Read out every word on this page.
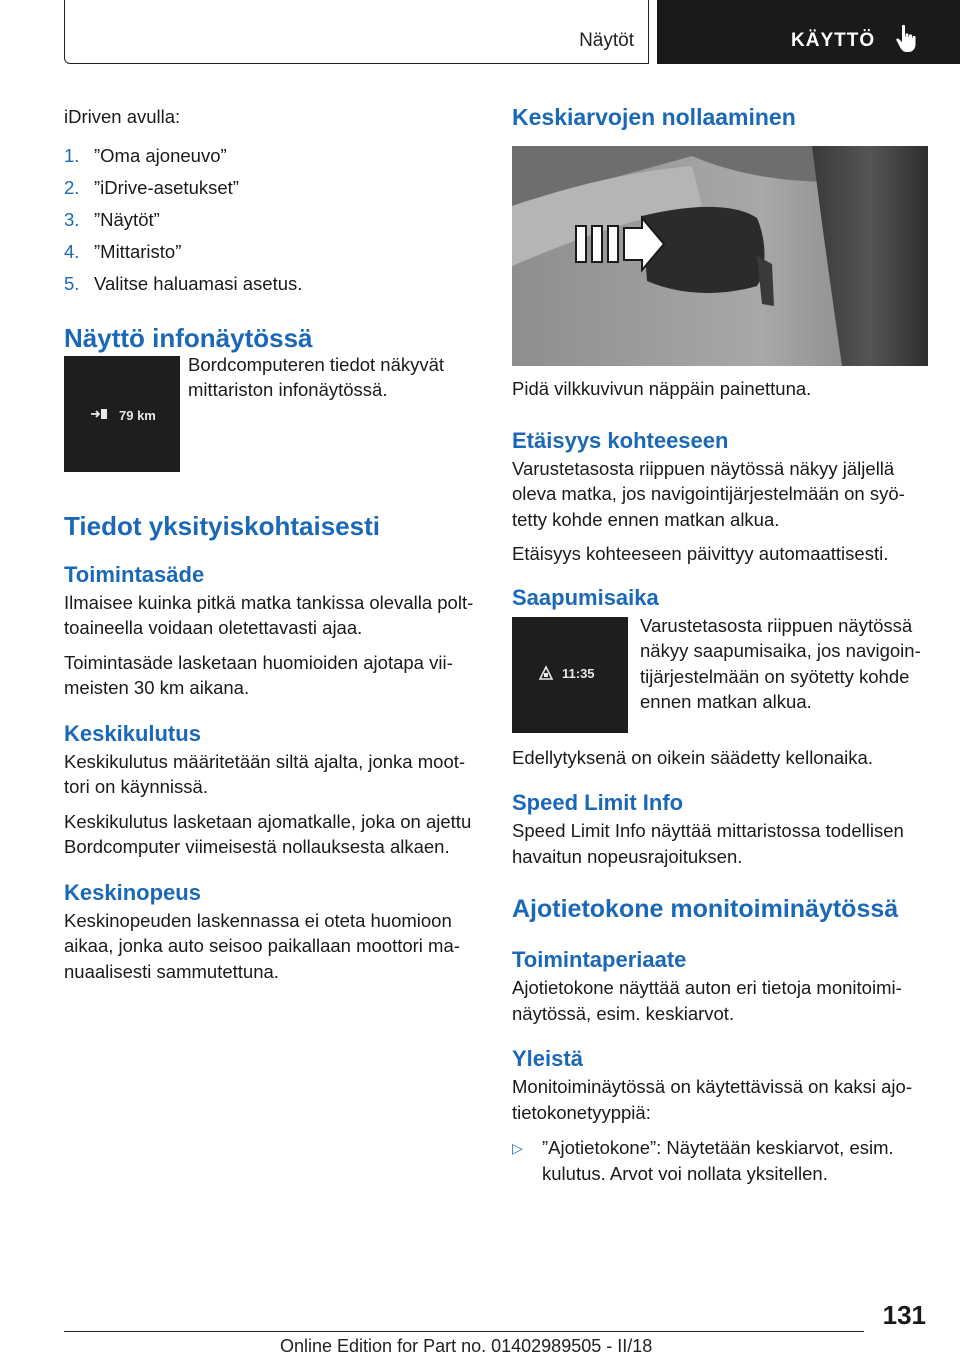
Näytöt	KÄYTTÖ

iDriven avulla:

1. ”Oma ajoneuvo”
2. ”iDrive-asetukset”
3. ”Näytöt”
4. ”Mittaristo”
5. Valitse haluamasi asetus.
Näyttö infonäytössä
79 km

Bordcomputeren tiedot näkyvät mittariston infonäytössä.

Tiedot yksityiskohtaisesti
Toimintasäde

Ilmaisee kuinka pitkä matka tankissa olevalla polt-toaineella voidaan oletettavasti ajaa.

Toimintasäde lasketaan huomioiden ajotapa vii-meisten 30 km aikana.

Keskikulutus

Keskikulutus määritetään siltä ajalta, jonka moot-tori on käynnissä.

Keskikulutus lasketaan ajomatkalle, joka on ajettu Bordcomputer viimeisestä nollauksesta alkaen.

Keskinopeus

Keskinopeuden laskennassa ei oteta huomioon aikaa, jonka auto seisoo paikallaan moottori ma-nuaalisesti sammutettuna.

Keskiarvojen nollaaminen

Pidä vilkkuvivun näppäin painettuna.

Etäisyys kohteeseen

Varustetasosta riippuen näytössä näkyy jäljellä oleva matka, jos navigointijärjestelmään on syö-tetty kohde ennen matkan alkua.

Etäisyys kohteeseen päivittyy automaattisesti.

Saapumisaika
11:35

Varustetasosta riippuen näytössä näkyy saapumisaika, jos navigoin-tijärjestelmään on syötetty kohde ennen matkan alkua.

Edellytyksenä on oikein säädetty kellonaika.

Speed Limit Info

Speed Limit Info näyttää mittaristossa todellisen havaitun nopeusrajoituksen.

Ajotietokone monitoiminäytössä
Toimintaperiaate

Ajotietokone näyttää auton eri tietoja monitoimi-näytössä, esim. keskiarvot.

Yleistä

Monitoiminäytössä on käytettävissä on kaksi ajo-tietokonetyyppiä:

▷ ”Ajotietokone”: Näytetään keskiarvot, esim. kulutus. Arvot voi nollata yksitellen.
131
Online Edition for Part no. 01402989505 - II/18
